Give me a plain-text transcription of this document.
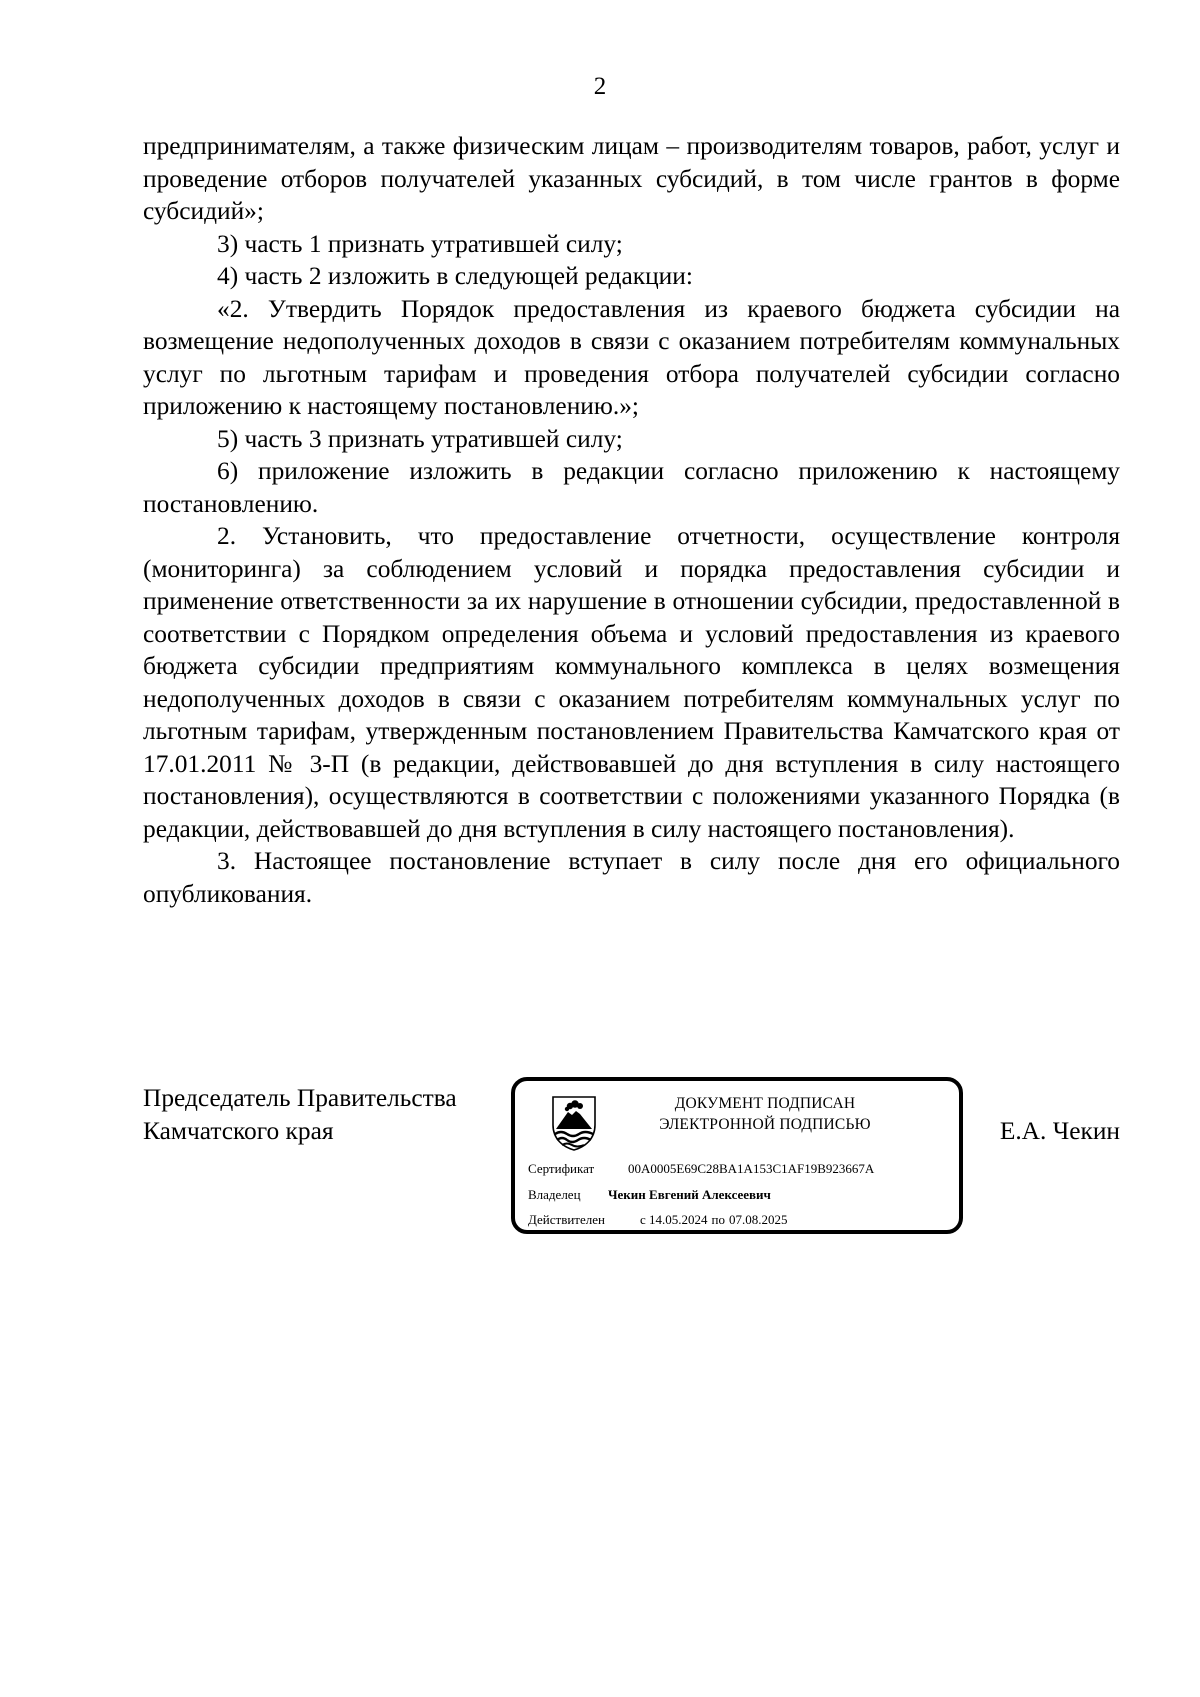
2

предпринимателям, а также физическим лицам – производителям товаров, работ, услуг и проведение отборов получателей указанных субсидий, в том числе грантов в форме субсидий»;

3) часть 1 признать утратившей силу;

4) часть 2 изложить в следующей редакции:

«2. Утвердить Порядок предоставления из краевого бюджета субсидии на возмещение недополученных доходов в связи с оказанием потребителям коммунальных услуг по льготным тарифам и проведения отбора получателей субсидии согласно приложению к настоящему постановлению.»;

5) часть 3 признать утратившей силу;

6) приложение изложить в редакции согласно приложению к настоящему постановлению.

2. Установить, что предоставление отчетности, осуществление контроля (мониторинга) за соблюдением условий и порядка предоставления субсидии и применение ответственности за их нарушение в отношении субсидии, предоставленной в соответствии с Порядком определения объема и условий предоставления из краевого бюджета субсидии предприятиям коммунального комплекса в целях возмещения недополученных доходов в связи с оказанием потребителям коммунальных услуг по льготным тарифам, утвержденным постановлением Правительства Камчатского края от 17.01.2011 № 3-П (в редакции, действовавшей до дня вступления в силу настоящего постановления), осуществляются в соответствии с положениями указанного Порядка (в редакции, действовавшей до дня вступления в силу настоящего постановления).

3. Настоящее постановление вступает в силу после дня его официального опубликования.

Председатель Правительства
Камчатского края
ДОКУМЕНТ ПОДПИСАН
ЭЛЕКТРОННОЙ ПОДПИСЬЮ
Сертификат	00A0005E69C28BA1A153C1AF19B923667A
Владелец Чекин Евгений Алексеевич
Действителен	с 14.05.2024 по 07.08.2025
Е.А. Чекин
